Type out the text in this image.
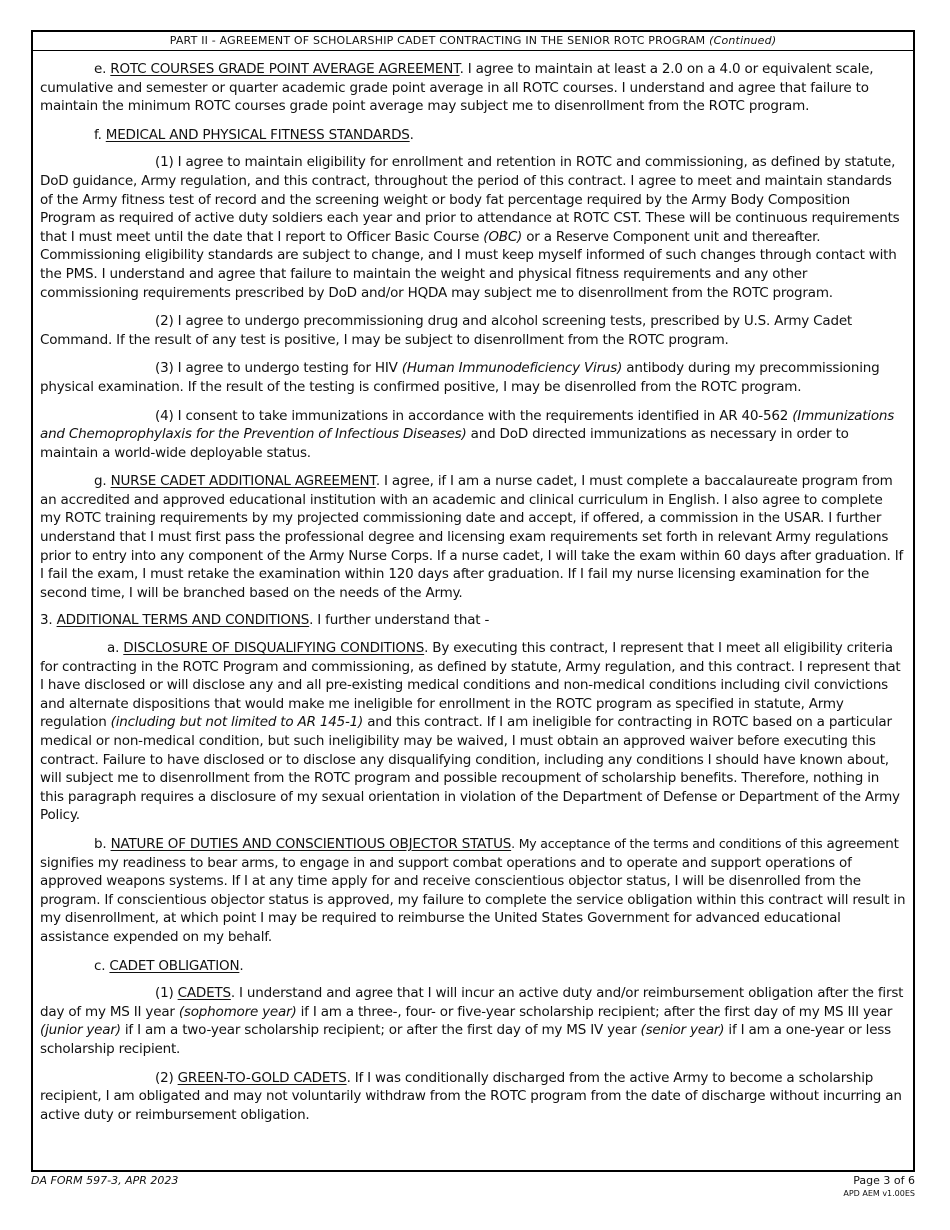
PART II - AGREEMENT OF SCHOLARSHIP CADET CONTRACTING IN THE SENIOR ROTC PROGRAM (Continued)

e. ROTC COURSES GRADE POINT AVERAGE AGREEMENT. I agree to maintain at least a 2.0 on a 4.0 or equivalent scale, cumulative and semester or quarter academic grade point average in all ROTC courses. I understand and agree that failure to maintain the minimum ROTC courses grade point average may subject me to disenrollment from the ROTC program.

f. MEDICAL AND PHYSICAL FITNESS STANDARDS.

(1) I agree to maintain eligibility for enrollment and retention in ROTC and commissioning, as defined by statute, DoD guidance, Army regulation, and this contract, throughout the period of this contract. I agree to meet and maintain standards of the Army fitness test of record and the screening weight or body fat percentage required by the Army Body Composition Program as required of active duty soldiers each year and prior to attendance at ROTC CST. These will be continuous requirements that I must meet until the date that I report to Officer Basic Course (OBC) or a Reserve Component unit and thereafter. Commissioning eligibility standards are subject to change, and I must keep myself informed of such changes through contact with the PMS. I understand and agree that failure to maintain the weight and physical fitness requirements and any other commissioning requirements prescribed by DoD and/or HQDA may subject me to disenrollment from the ROTC program.

(2) I agree to undergo precommissioning drug and alcohol screening tests, prescribed by U.S. Army Cadet Command. If the result of any test is positive, I may be subject to disenrollment from the ROTC program.

(3) I agree to undergo testing for HIV (Human Immunodeficiency Virus) antibody during my precommissioning physical examination. If the result of the testing is confirmed positive, I may be disenrolled from the ROTC program.

(4) I consent to take immunizations in accordance with the requirements identified in AR 40-562 (Immunizations and Chemoprophylaxis for the Prevention of Infectious Diseases) and DoD directed immunizations as necessary in order to maintain a world-wide deployable status.

g. NURSE CADET ADDITIONAL AGREEMENT. I agree, if I am a nurse cadet, I must complete a baccalaureate program from an accredited and approved educational institution with an academic and clinical curriculum in English. I also agree to complete my ROTC training requirements by my projected commissioning date and accept, if offered, a commission in the USAR. I further understand that I must first pass the professional degree and licensing exam requirements set forth in relevant Army regulations prior to entry into any component of the Army Nurse Corps. If a nurse cadet, I will take the exam within 60 days after graduation. If I fail the exam, I must retake the examination within 120 days after graduation. If I fail my nurse licensing examination for the second time, I will be branched based on the needs of the Army.

3. ADDITIONAL TERMS AND CONDITIONS. I further understand that -

a. DISCLOSURE OF DISQUALIFYING CONDITIONS. By executing this contract, I represent that I meet all eligibility criteria for contracting in the ROTC Program and commissioning, as defined by statute, Army regulation, and this contract. I represent that I have disclosed or will disclose any and all pre-existing medical conditions and non-medical conditions including civil convictions and alternate dispositions that would make me ineligible for enrollment in the ROTC program as specified in statute, Army regulation (including but not limited to AR 145-1) and this contract. If I am ineligible for contracting in ROTC based on a particular medical or non-medical condition, but such ineligibility may be waived, I must obtain an approved waiver before executing this contract. Failure to have disclosed or to disclose any disqualifying condition, including any conditions I should have known about, will subject me to disenrollment from the ROTC program and possible recoupment of scholarship benefits. Therefore, nothing in this paragraph requires a disclosure of my sexual orientation in violation of the Department of Defense or Department of the Army Policy.

b. NATURE OF DUTIES AND CONSCIENTIOUS OBJECTOR STATUS. My acceptance of the terms and conditions of this agreement signifies my readiness to bear arms, to engage in and support combat operations and to operate and support operations of approved weapons systems. If I at any time apply for and receive conscientious objector status, I will be disenrolled from the program. If conscientious objector status is approved, my failure to complete the service obligation within this contract will result in my disenrollment, at which point I may be required to reimburse the United States Government for advanced educational assistance expended on my behalf.

c. CADET OBLIGATION.

(1) CADETS. I understand and agree that I will incur an active duty and/or reimbursement obligation after the first day of my MS II year (sophomore year) if I am a three-, four- or five-year scholarship recipient; after the first day of my MS III year (junior year) if I am a two-year scholarship recipient; or after the first day of my MS IV year (senior year) if I am a one-year or less scholarship recipient.

(2) GREEN-TO-GOLD CADETS. If I was conditionally discharged from the active Army to become a scholarship recipient, I am obligated and may not voluntarily withdraw from the ROTC program from the date of discharge without incurring an active duty or reimbursement obligation.

DA FORM 597-3, APR 2023	Page 3 of 6
APD AEM v1.00ES
